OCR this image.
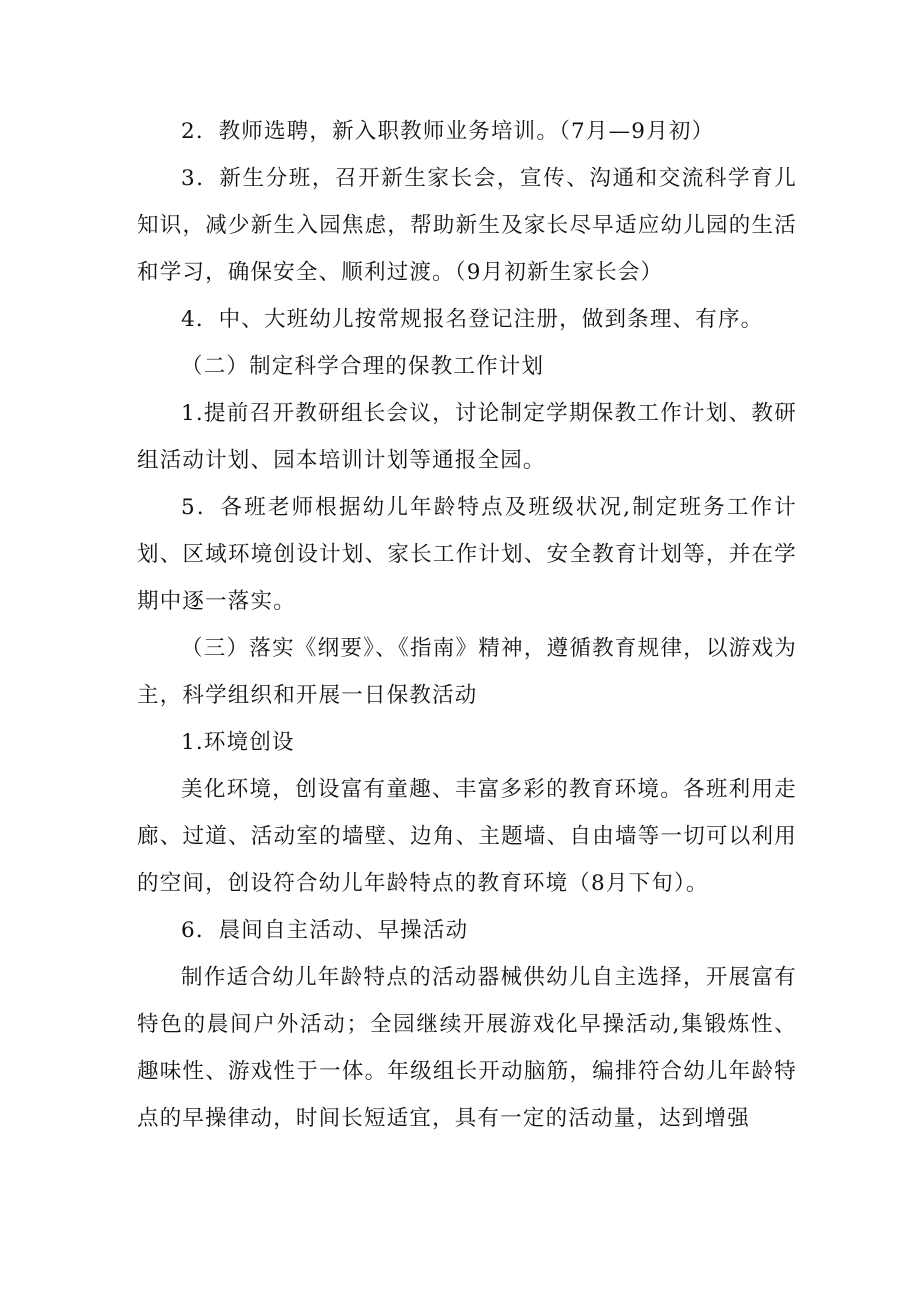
2．教师选聘，新入职教师业务培训。（7月—9月初）

3．新生分班，召开新生家长会，宣传、沟通和交流科学育儿知识，减少新生入园焦虑，帮助新生及家长尽早适应幼儿园的生活和学习，确保安全、顺利过渡。（9月初新生家长会）

4．中、大班幼儿按常规报名登记注册，做到条理、有序。

（二）制定科学合理的保教工作计划

1.提前召开教研组长会议，讨论制定学期保教工作计划、教研组活动计划、园本培训计划等通报全园。

5．各班老师根据幼儿年龄特点及班级状况,制定班务工作计划、区域环境创设计划、家长工作计划、安全教育计划等，并在学期中逐一落实。

（三）落实《纲要》、《指南》精神，遵循教育规律，以游戏为主，科学组织和开展一日保教活动

1.环境创设

美化环境，创设富有童趣、丰富多彩的教育环境。各班利用走廊、过道、活动室的墙壁、边角、主题墙、自由墙等一切可以利用的空间，创设符合幼儿年龄特点的教育环境（8月下旬）。

6．晨间自主活动、早操活动

制作适合幼儿年龄特点的活动器械供幼儿自主选择，开展富有特色的晨间户外活动；全园继续开展游戏化早操活动,集锻炼性、趣味性、游戏性于一体。年级组长开动脑筋，编排符合幼儿年龄特点的早操律动，时间长短适宜，具有一定的活动量，达到增强
